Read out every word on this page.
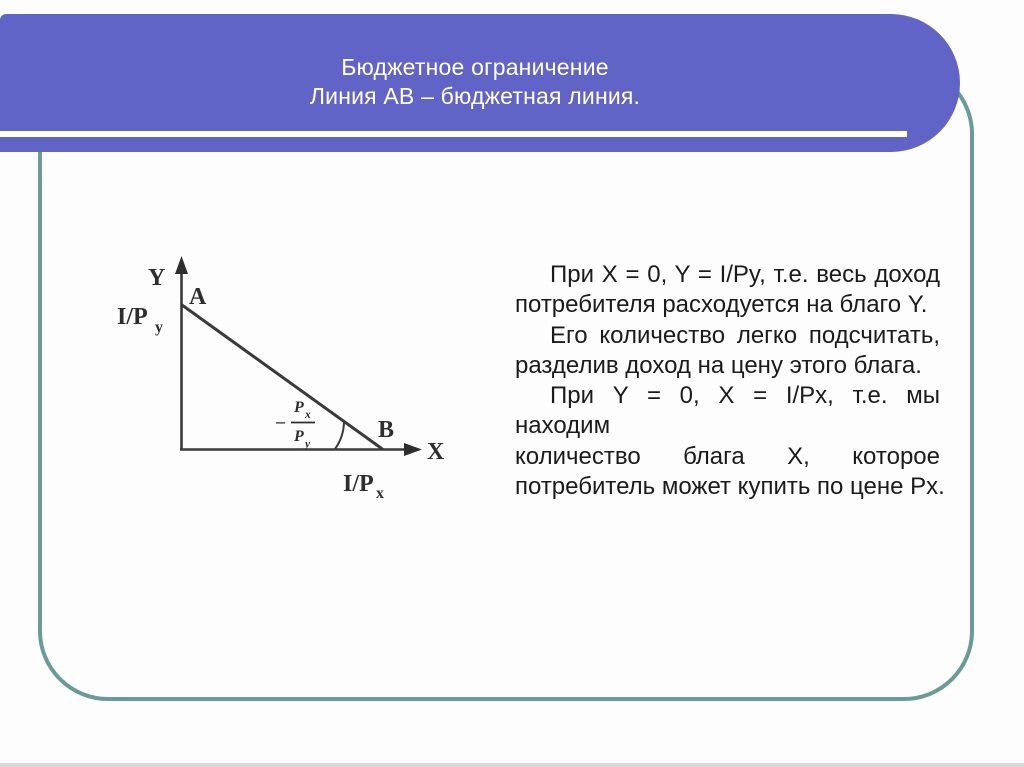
Бюджетное ограничение
Линия АВ – бюджетная линия.
Y
X
A
B
I/P y
I/P x
–
P x
P y
При X = 0, Y = I/Py, т.е. весь доход
потребителя расходуется на благо Y.
Его количество легко подсчитать,
разделив доход на цену этого блага.
При Y = 0, X = I/Px, т.е. мы находим
количество блага X, которое
потребитель может купить по цене Px.
